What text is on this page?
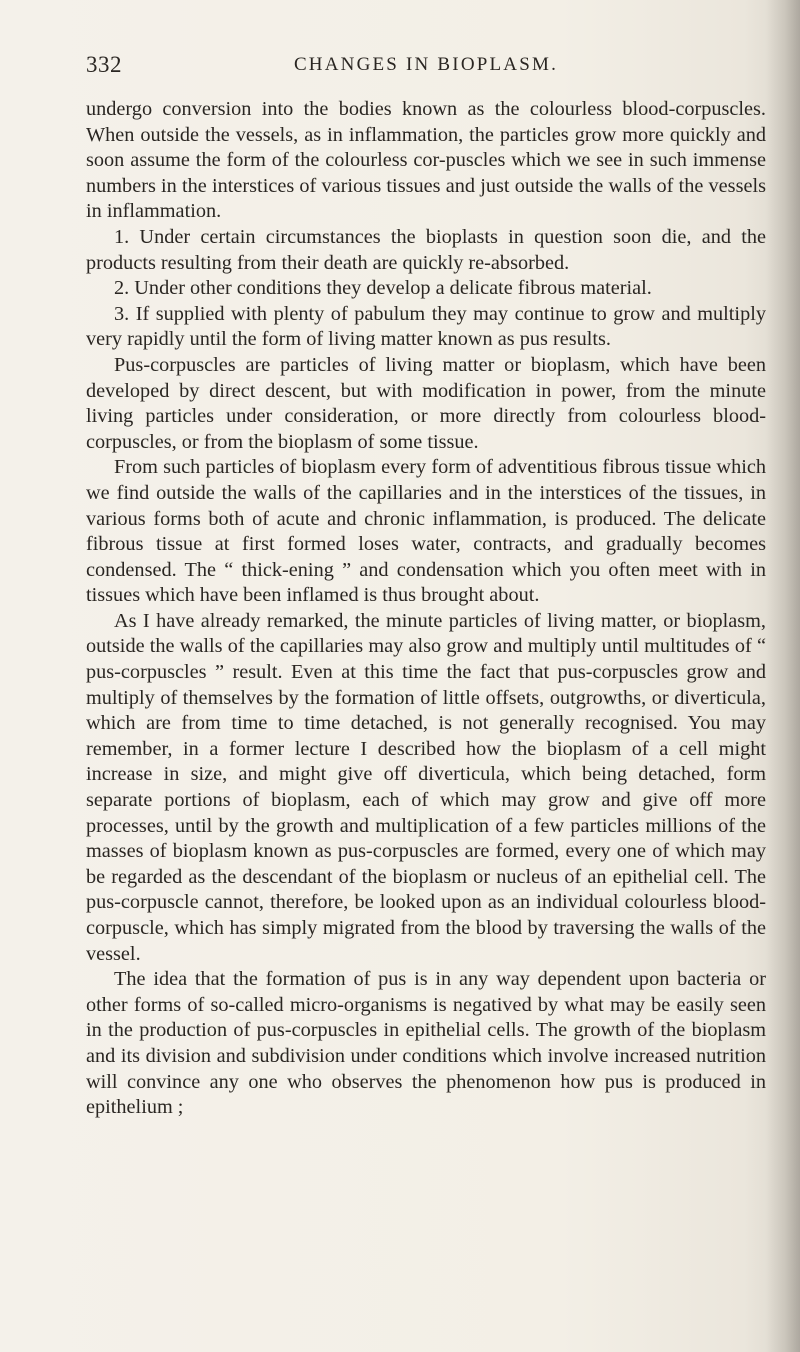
332	CHANGES IN BIOPLASM.

undergo conversion into the bodies known as the colourless blood-corpuscles. When outside the vessels, as in inflammation, the particles grow more quickly and soon assume the form of the colourless cor-puscles which we see in such immense numbers in the interstices of various tissues and just outside the walls of the vessels in inflammation.

1. Under certain circumstances the bioplasts in question soon die, and the products resulting from their death are quickly re-absorbed.

2. Under other conditions they develop a delicate fibrous material.

3. If supplied with plenty of pabulum they may continue to grow and multiply very rapidly until the form of living matter known as pus results.

Pus-corpuscles are particles of living matter or bioplasm, which have been developed by direct descent, but with modification in power, from the minute living particles under consideration, or more directly from colourless blood-corpuscles, or from the bioplasm of some tissue.

From such particles of bioplasm every form of adventitious fibrous tissue which we find outside the walls of the capillaries and in the interstices of the tissues, in various forms both of acute and chronic inflammation, is produced. The delicate fibrous tissue at first formed loses water, contracts, and gradually becomes condensed. The “ thick-ening ” and condensation which you often meet with in tissues which have been inflamed is thus brought about.

As I have already remarked, the minute particles of living matter, or bioplasm, outside the walls of the capillaries may also grow and multiply until multitudes of “ pus-corpuscles ” result. Even at this time the fact that pus-corpuscles grow and multiply of themselves by the formation of little offsets, outgrowths, or diverticula, which are from time to time detached, is not generally recognised. You may remember, in a former lecture I described how the bioplasm of a cell might increase in size, and might give off diverticula, which being detached, form separate portions of bioplasm, each of which may grow and give off more processes, until by the growth and multiplication of a few particles millions of the masses of bioplasm known as pus-corpuscles are formed, every one of which may be regarded as the descendant of the bioplasm or nucleus of an epithelial cell. The pus-corpuscle cannot, therefore, be looked upon as an individual colourless blood-corpuscle, which has simply migrated from the blood by traversing the walls of the vessel.

The idea that the formation of pus is in any way dependent upon bacteria or other forms of so-called micro-organisms is negatived by what may be easily seen in the production of pus-corpuscles in epithelial cells. The growth of the bioplasm and its division and subdivision under conditions which involve increased nutrition will convince any one who observes the phenomenon how pus is produced in epithelium ;
